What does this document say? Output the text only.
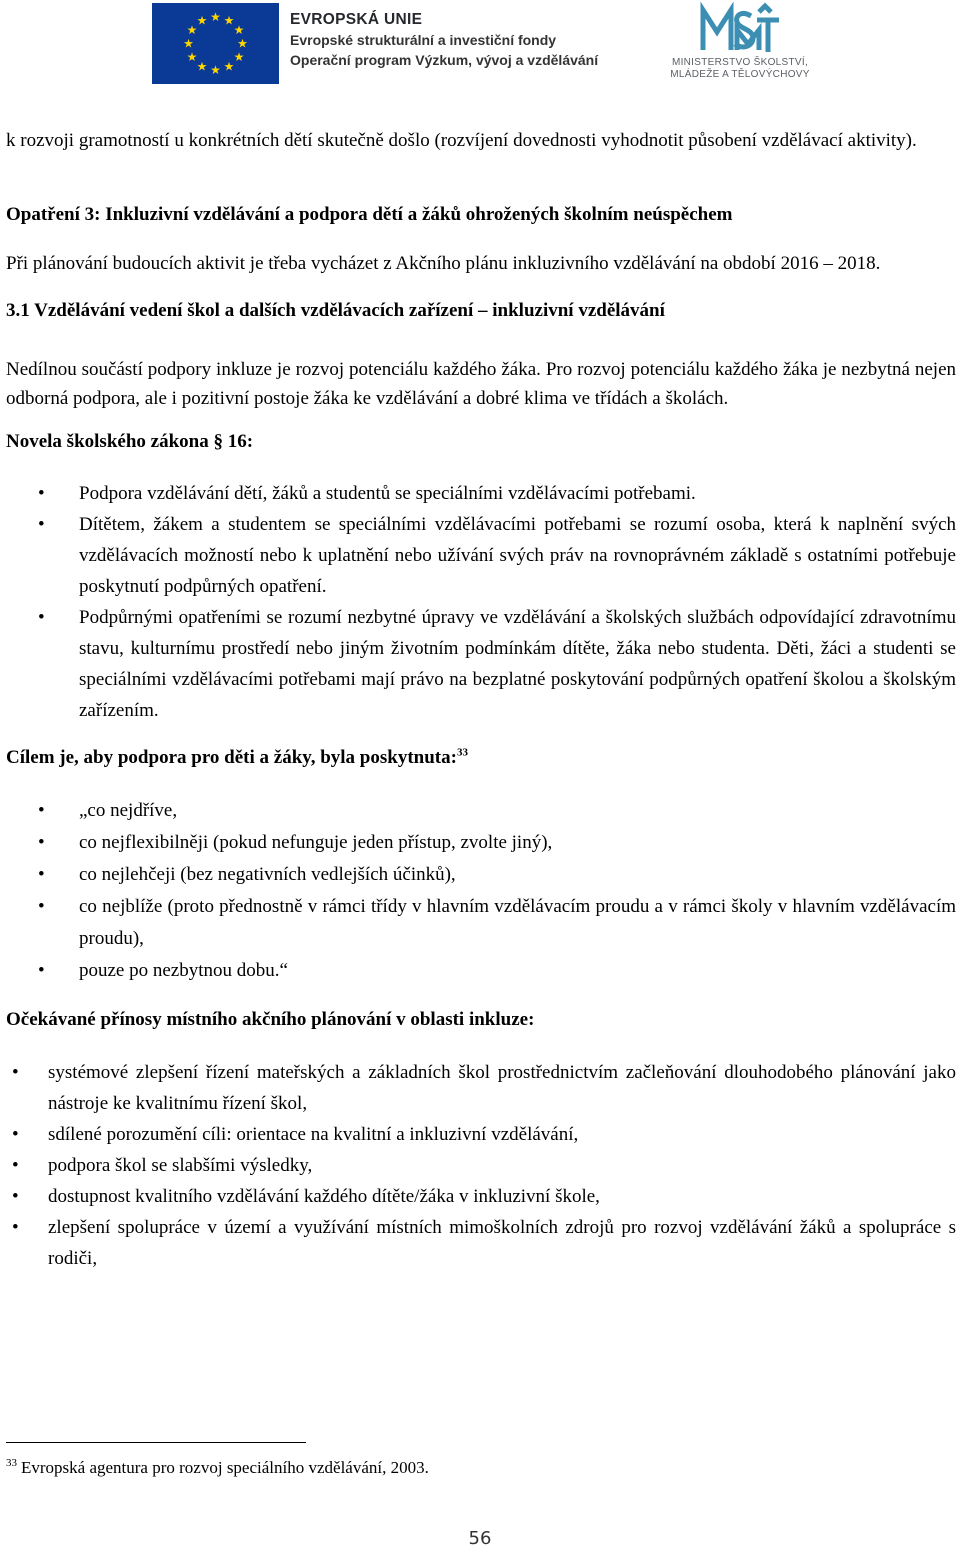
★ ★
★
★
★
★
★
★
★
★
★
★	EVROPSKÁ UNIE
Evropské strukturální a investiční fondy
Operační program Výzkum, vývoj a vzdělávání	MINISTERSTVO ŠKOLSTVÍ,
MLÁDEŽE A TĚLOVÝCHOVY

k rozvoji gramotností u konkrétních dětí skutečně došlo (rozvíjení dovednosti vyhodnotit působení vzdělávací aktivity).

Opatření 3: Inkluzivní vzdělávání a podpora dětí a žáků ohrožených školním neúspěchem

Při plánování budoucích aktivit je třeba vycházet z Akčního plánu inkluzivního vzdělávání na období 2016 – 2018.

3.1 Vzdělávání vedení škol a dalších vzdělávacích zařízení – inkluzivní vzdělávání

Nedílnou součástí podpory inkluze je rozvoj potenciálu každého žáka. Pro rozvoj potenciálu každého žáka je nezbytná nejen odborná podpora, ale i pozitivní postoje žáka ke vzdělávání a dobré klima ve třídách a školách.

Novela školského zákona § 16:

• Podpora vzdělávání dětí, žáků a studentů se speciálními vzdělávacími potřebami.
• Dítětem, žákem a studentem se speciálními vzdělávacími potřebami se rozumí osoba, která k naplnění svých vzdělávacích možností nebo k uplatnění nebo užívání svých práv na rovnoprávném základě s ostatními potřebuje poskytnutí podpůrných opatření.
• Podpůrnými opatřeními se rozumí nezbytné úpravy ve vzdělávání a školských službách odpovídající zdravotnímu stavu, kulturnímu prostředí nebo jiným životním podmínkám dítěte, žáka nebo studenta. Děti, žáci a studenti se speciálními vzdělávacími potřebami mají právo na bezplatné poskytování podpůrných opatření školou a školským zařízením.

Cílem je, aby podpora pro děti a žáky, byla poskytnuta:$^{33}$

• „co nejdříve,
• co nejflexibilněji (pokud nefunguje jeden přístup, zvolte jiný),
• co nejlehčeji (bez negativních vedlejších účinků),
• co nejblíže (proto přednostně v rámci třídy v hlavním vzdělávacím proudu a v rámci školy v hlavním vzdělávacím proudu),
• pouze po nezbytnou dobu.“

Očekávané přínosy místního akčního plánování v oblasti inkluze:

• systémové zlepšení řízení mateřských a základních škol prostřednictvím začleňování dlouhodobého plánování jako nástroje ke kvalitnímu řízení škol,
• sdílené porozumění cíli: orientace na kvalitní a inkluzivní vzdělávání,
• podpora škol se slabšími výsledky,
• dostupnost kvalitního vzdělávání každého dítěte/žáka v inkluzivní škole,
• zlepšení spolupráce v území a využívání místních mimoškolních zdrojů pro rozvoj vzdělávání žáků a spolupráce s rodiči,
$^{33}$ Evropská agentura pro rozvoj speciálního vzdělávání, 2003.
56
